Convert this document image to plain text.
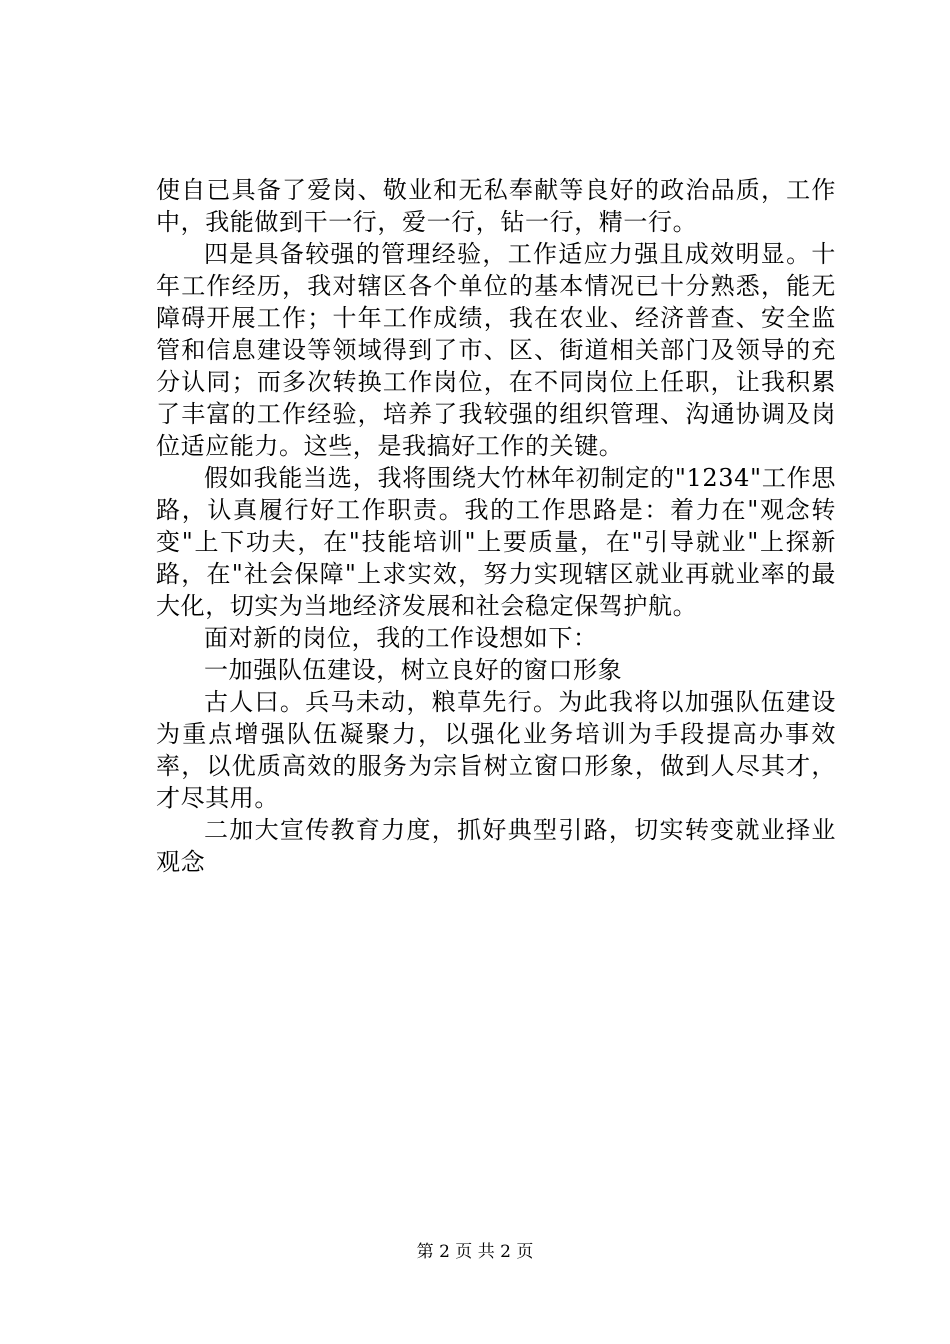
使自已具备了爱岗、敬业和无私奉献等良好的政治品质，工作中，我能做到干一行，爱一行，钻一行，精一行。

四是具备较强的管理经验，工作适应力强且成效明显。十年工作经历，我对辖区各个单位的基本情况已十分熟悉，能无障碍开展工作；十年工作成绩，我在农业、经济普查、安全监管和信息建设等领域得到了市、区、街道相关部门及领导的充分认同；而多次转换工作岗位，在不同岗位上任职，让我积累了丰富的工作经验，培养了我较强的组织管理、沟通协调及岗位适应能力。这些，是我搞好工作的关键。

假如我能当选，我将围绕大竹林年初制定的"1234"工作思路，认真履行好工作职责。我的工作思路是：着力在"观念转变"上下功夫，在"技能培训"上要质量，在"引导就业"上探新路，在"社会保障"上求实效，努力实现辖区就业再就业率的最大化，切实为当地经济发展和社会稳定保驾护航。

面对新的岗位，我的工作设想如下：

一加强队伍建设，树立良好的窗口形象

古人曰。兵马未动，粮草先行。为此我将以加强队伍建设为重点增强队伍凝聚力，以强化业务培训为手段提高办事效率，以优质高效的服务为宗旨树立窗口形象，做到人尽其才，才尽其用。

二加大宣传教育力度，抓好典型引路，切实转变就业择业观念

第 2 页 共 2 页
